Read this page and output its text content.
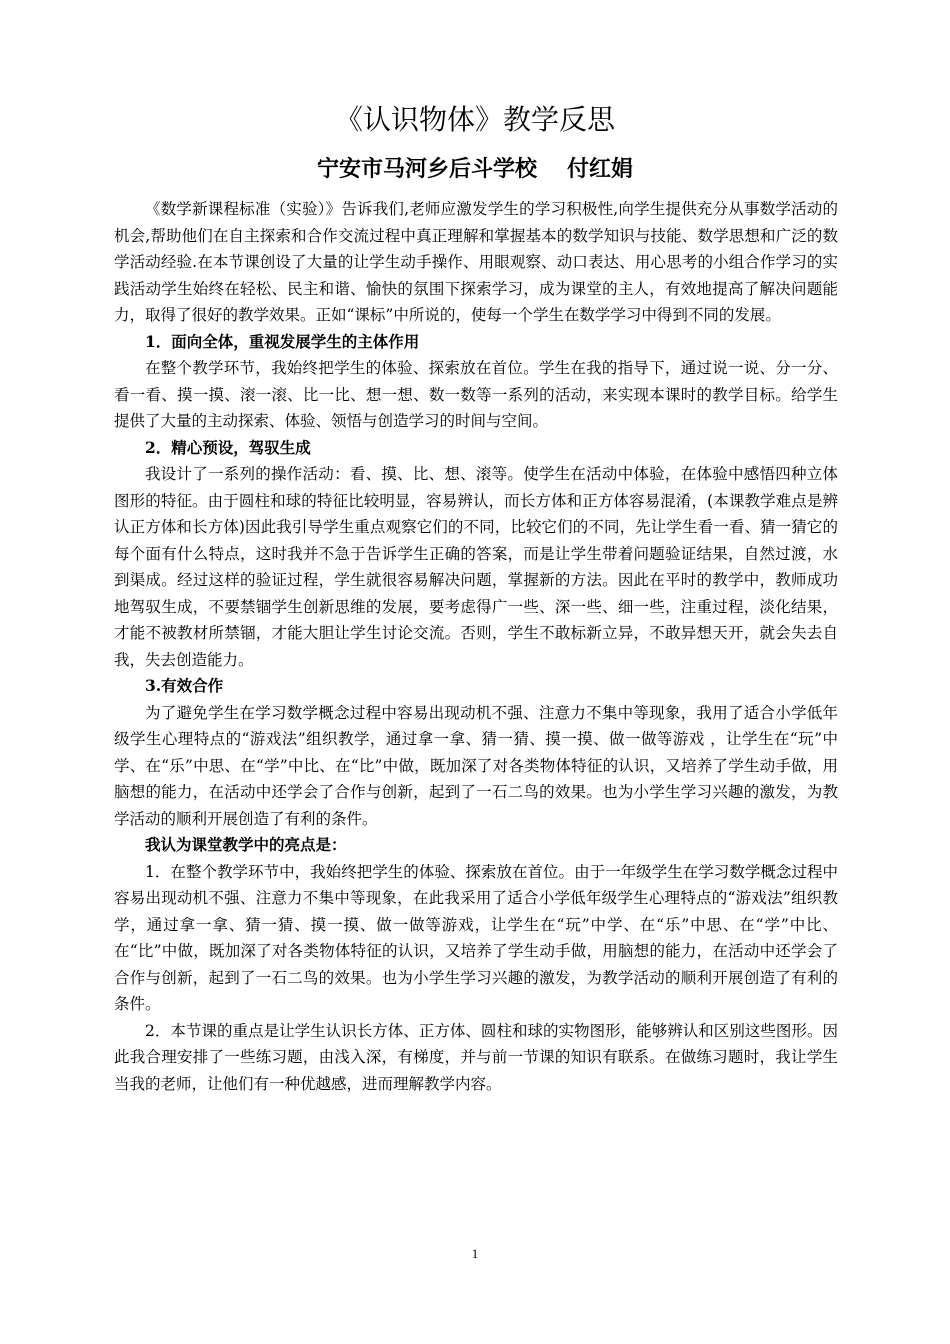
《认识物体》教学反思
宁安市马河乡后斗学校 付红娟

《数学新课程标准（实验）》告诉我们,老师应激发学生的学习积极性,向学生提供充分从事数学活动的机会,帮助他们在自主探索和合作交流过程中真正理解和掌握基本的数学知识与技能、数学思想和广泛的数学活动经验.在本节课创设了大量的让学生动手操作、用眼观察、动口表达、用心思考的小组合作学习的实践活动学生始终在轻松、民主和谐、愉快的氛围下探索学习，成为课堂的主人，有效地提高了解决问题能力，取得了很好的教学效果。正如“课标”中所说的，使每一个学生在数学学习中得到不同的发展。

1．面向全体，重视发展学生的主体作用

在整个教学环节，我始终把学生的体验、探索放在首位。学生在我的指导下，通过说一说、分一分、看一看、摸一摸、滚一滚、比一比、想一想、数一数等一系列的活动，来实现本课时的教学目标。给学生提供了大量的主动探索、体验、领悟与创造学习的时间与空间。

2．精心预设，驾驭生成

我设计了一系列的操作活动：看、摸、比、想、滚等。使学生在活动中体验，在体验中感悟四种立体图形的特征。由于圆柱和球的特征比较明显，容易辨认，而长方体和正方体容易混淆，(本课教学难点是辨认正方体和长方体)因此我引导学生重点观察它们的不同，比较它们的不同，先让学生看一看、猜一猜它的每个面有什么特点，这时我并不急于告诉学生正确的答案，而是让学生带着问题验证结果，自然过渡，水到渠成。经过这样的验证过程，学生就很容易解决问题，掌握新的方法。因此在平时的教学中，教师成功地驾驭生成，不要禁锢学生创新思维的发展，要考虑得广一些、深一些、细一些，注重过程，淡化结果，才能不被教材所禁锢，才能大胆让学生讨论交流。否则，学生不敢标新立异，不敢异想天开，就会失去自我，失去创造能力。

3.有效合作

为了避免学生在学习数学概念过程中容易出现动机不强、注意力不集中等现象，我用了适合小学低年级学生心理特点的“游戏法”组织教学，通过拿一拿、猜一猜、摸一摸、做一做等游戏 ，让学生在“玩”中学、在“乐”中思、在“学”中比、在“比”中做，既加深了对各类物体特征的认识，又培养了学生动手做，用脑想的能力，在活动中还学会了合作与创新，起到了一石二鸟的效果。也为小学生学习兴趣的激发，为教学活动的顺利开展创造了有利的条件。

我认为课堂教学中的亮点是：

1．在整个教学环节中，我始终把学生的体验、探索放在首位。由于一年级学生在学习数学概念过程中容易出现动机不强、注意力不集中等现象，在此我采用了适合小学低年级学生心理特点的“游戏法”组织教学，通过拿一拿、猜一猜、摸一摸、做一做等游戏，让学生在“玩”中学、在“乐”中思、在“学”中比、在“比”中做，既加深了对各类物体特征的认识，又培养了学生动手做，用脑想的能力，在活动中还学会了合作与创新，起到了一石二鸟的效果。也为小学生学习兴趣的激发，为教学活动的顺利开展创造了有利的条件。

2．本节课的重点是让学生认识长方体、正方体、圆柱和球的实物图形，能够辨认和区别这些图形。因此我合理安排了一些练习题，由浅入深，有梯度，并与前一节课的知识有联系。在做练习题时，我让学生当我的老师，让他们有一种优越感，进而理解教学内容。

1
